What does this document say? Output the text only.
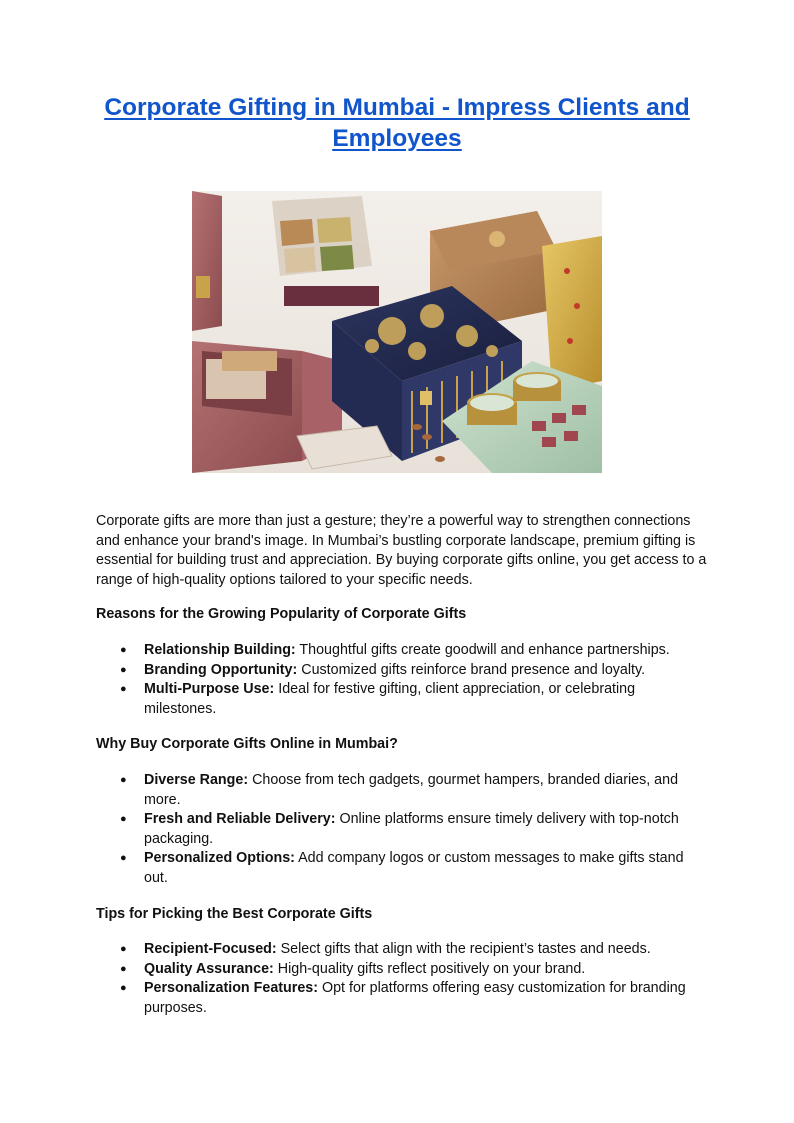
Corporate Gifting in Mumbai - Impress Clients and Employees

Corporate gifts are more than just a gesture; they’re a powerful way to strengthen connections and enhance your brand's image. In Mumbai’s bustling corporate landscape, premium gifting is essential for building trust and appreciation. By buying corporate gifts online, you get access to a range of high-quality options tailored to your specific needs.

Reasons for the Growing Popularity of Corporate Gifts
● Relationship Building: Thoughtful gifts create goodwill and enhance partnerships.
● Branding Opportunity: Customized gifts reinforce brand presence and loyalty.
● Multi-Purpose Use: Ideal for festive gifting, client appreciation, or celebrating milestones.
Why Buy Corporate Gifts Online in Mumbai?
● Diverse Range: Choose from tech gadgets, gourmet hampers, branded diaries, and more.
● Fresh and Reliable Delivery: Online platforms ensure timely delivery with top-notch packaging.
● Personalized Options: Add company logos or custom messages to make gifts stand out.
Tips for Picking the Best Corporate Gifts
● Recipient-Focused: Select gifts that align with the recipient’s tastes and needs.
● Quality Assurance: High-quality gifts reflect positively on your brand.
● Personalization Features: Opt for platforms offering easy customization for branding purposes.
